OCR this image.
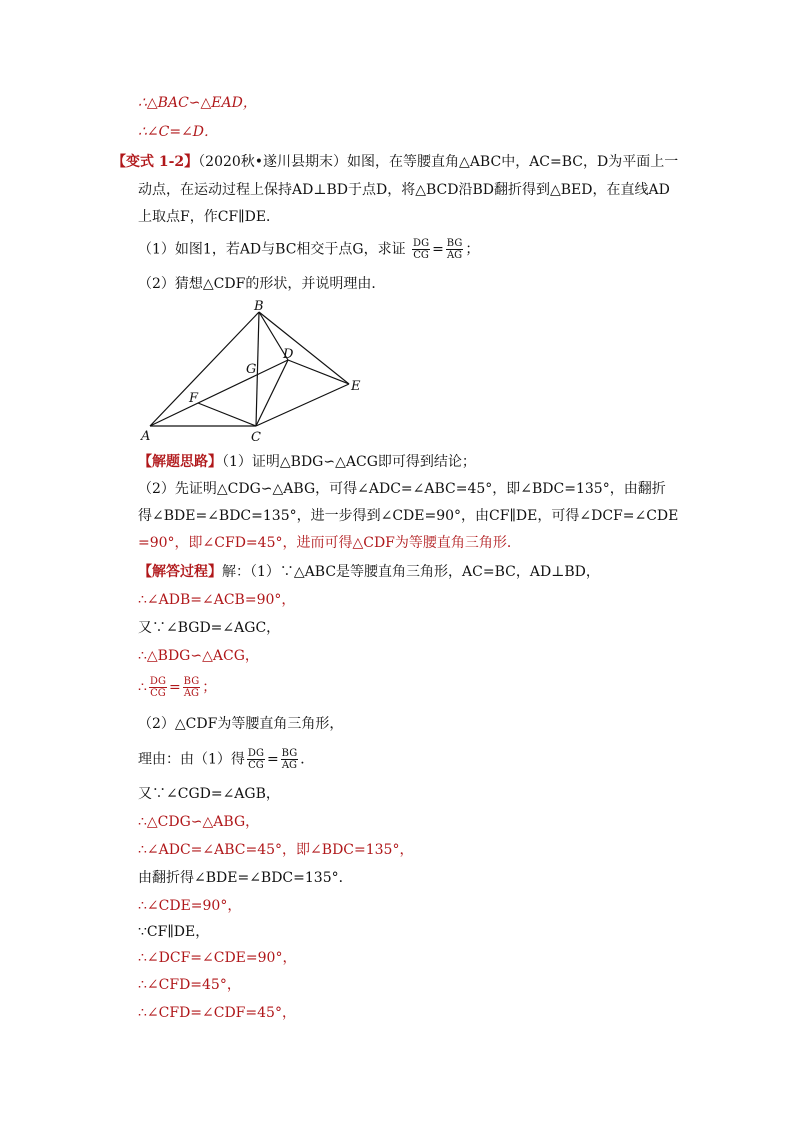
∴△BAC∽△EAD，
∴∠C=∠D．
【变式 1-2】（2020秋•遂川县期末）如图，在等腰直角△ABC中，AC=BC，D为平面上一
动点，在运动过程上保持AD⊥BD于点D，将△BCD沿BD翻折得到△BED，在直线AD
上取点F，作CF∥DE．
（1）如图1，若AD与BC相交于点G，求证 $\frac{DG}{CG} = \frac{BG}{AG}$ ；
（2）猜想△CDF的形状，并说明理由．
B
D
G
E
F
A	C
【解题思路】（1）证明△BDG∽△ACG即可得到结论；
（2）先证明△CDG∽△ABG，可得∠ADC=∠ABC=45°，即∠BDC=135°，由翻折
得∠BDE=∠BDC=135°，进一步得到∠CDE=90°，由CF∥DE，可得∠DCF=∠CDE
=90°，即∠CFD=45°，进而可得△CDF为等腰直角三角形．
【解答过程】解：（1）∵△ABC是等腰直角三角形，AC=BC，AD⊥BD，
∴∠ADB=∠ACB=90°，
又∵∠BGD=∠AGC，
∴△BDG∽△ACG，
∴ $\frac{DG}{CG} = \frac{BG}{AG}$ ；
（2）△CDF为等腰直角三角形，
理由：由（1）得 $\frac{DG}{CG} = \frac{BG}{AG}$ ．
又∵∠CGD=∠AGB，
∴△CDG∽△ABG，
∴∠ADC=∠ABC=45°，即∠BDC=135°，
由翻折得∠BDE=∠BDC=135°．
∴∠CDE=90°，
∵CF∥DE，
∴∠DCF=∠CDE=90°，
∴∠CFD=45°，
∴∠CFD=∠CDF=45°，
